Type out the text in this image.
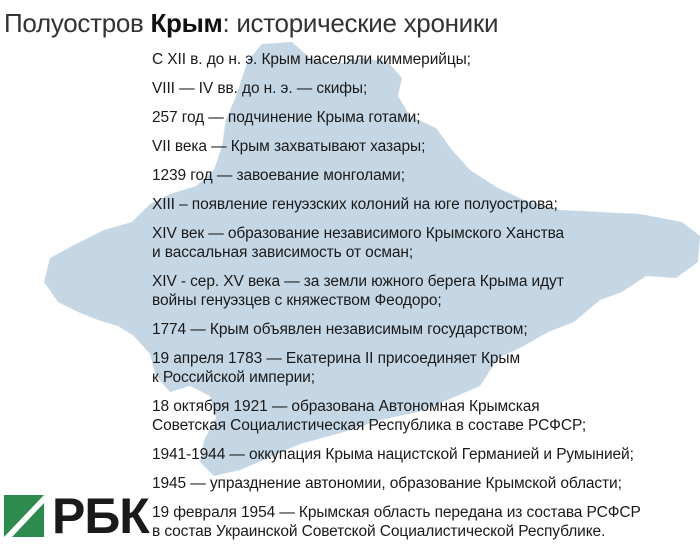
Полуостров Крым: исторические хроники
С XII в. до н. э. Крым населяли киммерийцы;
VIII — IV вв. до н. э. — скифы;
257 год — подчинение Крыма готами;
VII века — Крым захватывают хазары;
1239 год — завоевание монголами;
XIII – появление генуэзских колоний на юге полуострова;
XIV век — образование независимого Крымского Ханства
и вассальная зависимость от осман;
XIV - сер. XV века — за земли южного берега Крыма идут
войны генуэзцев с княжеством Феодоро;
1774 — Крым объявлен независимым государством;
19 апреля 1783 — Екатерина II присоединяет Крым
к Российской империи;
18 октября 1921 — образована Автономная Крымская
Советская Социалистическая Республика в составе РСФСР;
1941-1944 — оккупация Крыма нацистской Германией и Румынией;
1945 — упразднение автономии, образование Крымской области;
19 февраля 1954 — Крымская область передана из состава РСФСР
в состав Украинской Советской Социалистической Республике.
РБК
